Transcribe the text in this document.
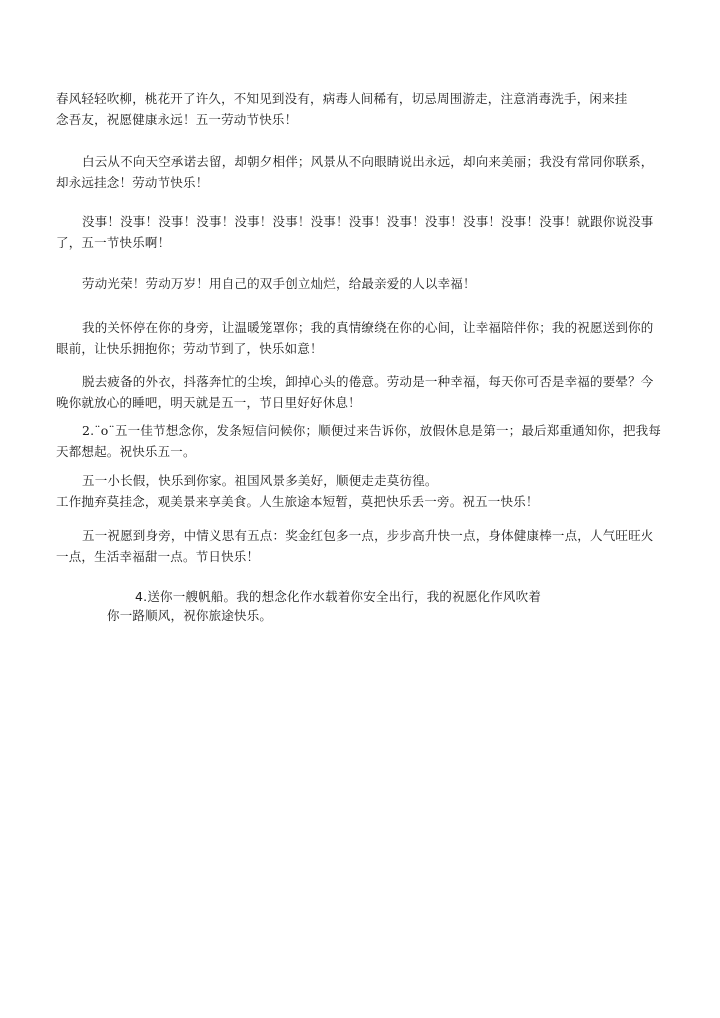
春风轻轻吹柳，桃花开了许久，不知见到没有，病毒人间稀有，切忌周围游走，注意消毒洗手，闲来挂
念吾友，祝愿健康永远！五一劳动节快乐！

白云从不向天空承诺去留，却朝夕相伴；风景从不向眼睛说出永远，却向来美丽；我没有常同你联系，却永远挂念！劳动节快乐！

没事！没事！没事！没事！没事！没事！没事！没事！没事！没事！没事！没事！没事！就跟你说没事了，五一节快乐啊！

劳动光荣！劳动万岁！用自己的双手创立灿烂，给最亲爱的人以幸福！

我的关怀停在你的身旁，让温暖笼罩你；我的真情缭绕在你的心间，让幸福陪伴你；我的祝愿送到你的眼前，让快乐拥抱你；劳动节到了，快乐如意！

脱去疲备的外衣，抖落奔忙的尘埃，卸掉心头的倦意。劳动是一种幸福，每天你可否是幸福的要晕？今晚你就放心的睡吧，明天就是五一，节日里好好休息！

2.¨o¨五一佳节想念你，发条短信问候你；顺便过来告诉你，放假休息是第一；最后郑重通知你，把我每天都想起。祝快乐五一。

五一小长假，快乐到你家。祖国风景多美好，顺便走走莫彷徨。
工作抛弃莫挂念，观美景来享美食。人生旅途本短暂，莫把快乐丢一旁。祝五一快乐！

五一祝愿到身旁，中情义思有五点：奖金红包多一点，步步高升快一点，身体健康棒一点，人气旺旺火一点，生活幸福甜一点。节日快乐！

4.送你一艘帆船。我的想念化作水载着你安全出行，我的祝愿化作风吹着
你一路顺风，祝你旅途快乐。
